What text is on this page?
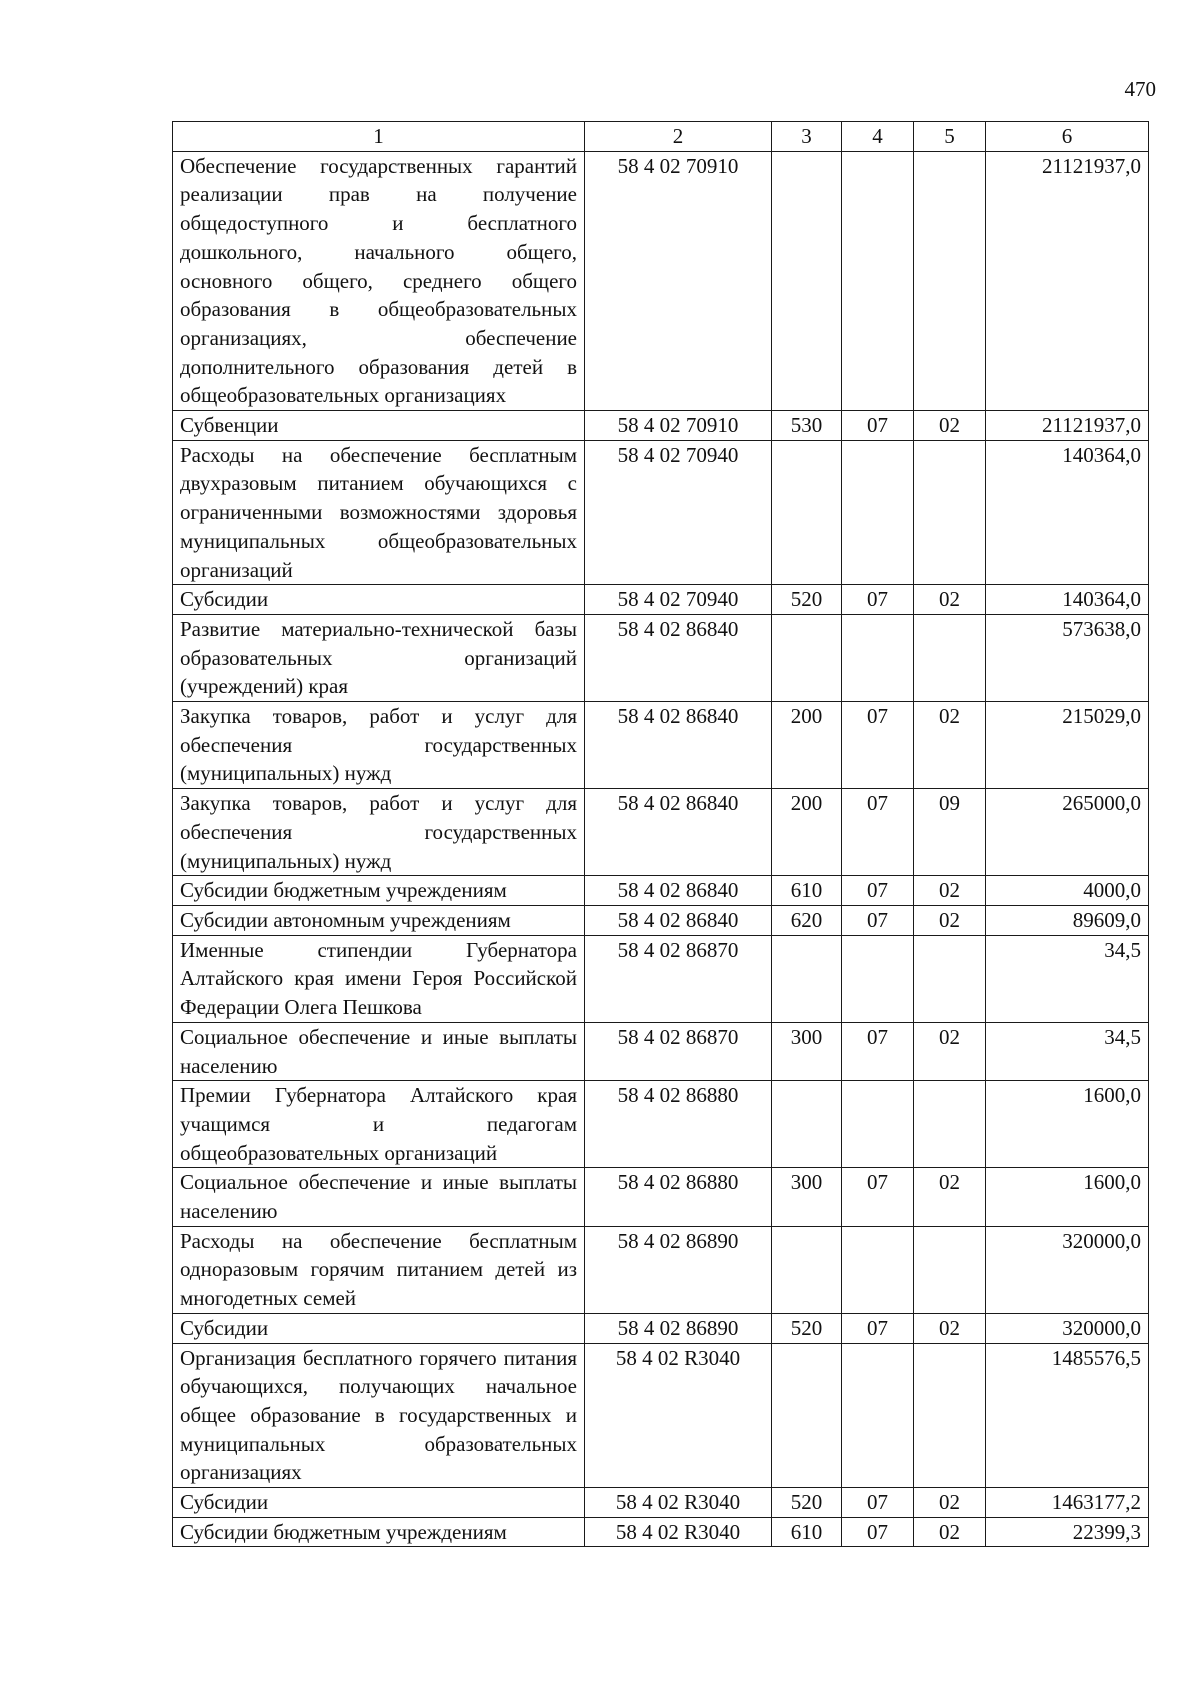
470
1	2	3	4	5	6
Обеспечение государственных гарантий реализации прав на получение общедоступного и бесплатного дошкольного, начального общего, основного общего, среднего общего образования в общеобразовательных организациях, обеспечение дополнительного образования детей в общеобразовательных организациях	58 4 02 70910				21121937,0
Субвенции	58 4 02 70910	530	07	02	21121937,0
Расходы на обеспечение бесплатным двухразовым питанием обучающихся с ограниченными возможностями здоровья муниципальных общеобразовательных организаций	58 4 02 70940				140364,0
Субсидии	58 4 02 70940	520	07	02	140364,0
Развитие материально-технической базы образовательных организаций (учреждений) края	58 4 02 86840				573638,0
Закупка товаров, работ и услуг для обеспечения государственных (муниципальных) нужд	58 4 02 86840	200	07	02	215029,0
Закупка товаров, работ и услуг для обеспечения государственных (муниципальных) нужд	58 4 02 86840	200	07	09	265000,0
Субсидии бюджетным учреждениям	58 4 02 86840	610	07	02	4000,0
Субсидии автономным учреждениям	58 4 02 86840	620	07	02	89609,0
Именные стипендии Губернатора Алтайского края имени Героя Российской Федерации Олега Пешкова	58 4 02 86870				34,5
Социальное обеспечение и иные выплаты населению	58 4 02 86870	300	07	02	34,5
Премии Губернатора Алтайского края учащимся и педагогам общеобразовательных организаций	58 4 02 86880				1600,0
Социальное обеспечение и иные выплаты населению	58 4 02 86880	300	07	02	1600,0
Расходы на обеспечение бесплатным одноразовым горячим питанием детей из многодетных семей	58 4 02 86890				320000,0
Субсидии	58 4 02 86890	520	07	02	320000,0
Организация бесплатного горячего питания обучающихся, получающих начальное общее образование в государственных и муниципальных образовательных организациях	58 4 02 R3040				1485576,5
Субсидии	58 4 02 R3040	520	07	02	1463177,2
Субсидии бюджетным учреждениям	58 4 02 R3040	610	07	02	22399,3
